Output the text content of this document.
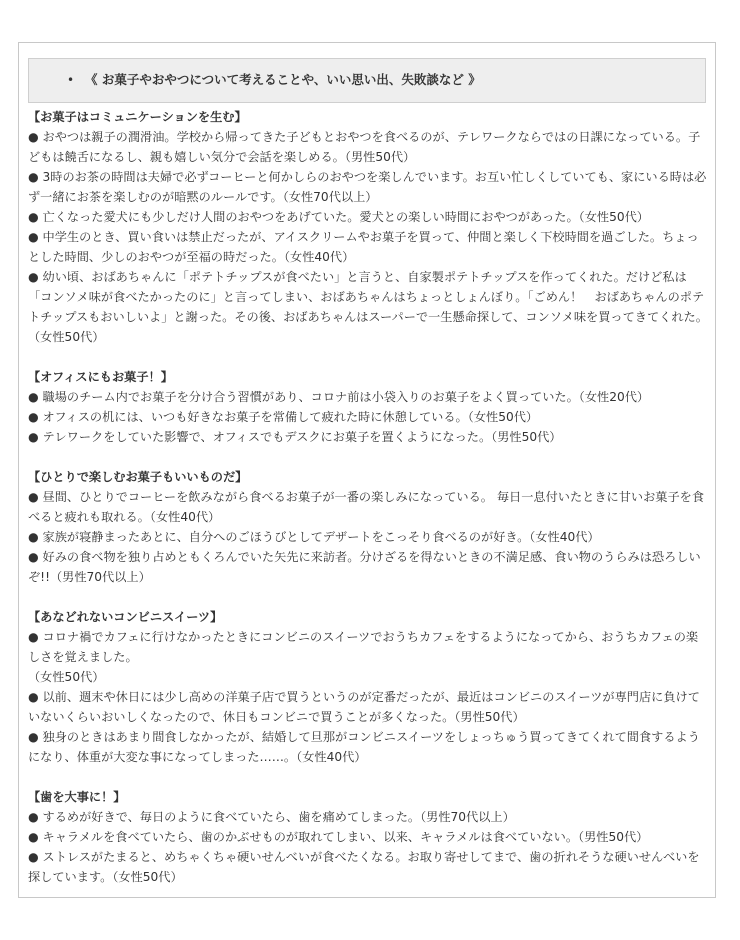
• 《 お菓子やおやつについて考えることや、いい思い出、失敗談など 》

【お菓子はコミュニケーションを生む】

● おやつは親子の潤滑油。学校から帰ってきた子どもとおやつを食べるのが、テレワークならではの日課になっている。子どもは饒舌になるし、親も嬉しい気分で会話を楽しめる。（男性50代）

● 3時のお茶の時間は夫婦で必ずコーヒーと何かしらのおやつを楽しんでいます。お互い忙しくしていても、家にいる時は必ず一緒にお茶を楽しむのが暗黙のルールです。（女性70代以上）

● 亡くなった愛犬にも少しだけ人間のおやつをあげていた。愛犬との楽しい時間におやつがあった。（女性50代）

● 中学生のとき、買い食いは禁止だったが、アイスクリームやお菓子を買って、仲間と楽しく下校時間を過ごした。ちょっとした時間、少しのおやつが至福の時だった。（女性40代）

● 幼い頃、おばあちゃんに「ポテトチップスが食べたい」と言うと、自家製ポテトチップスを作ってくれた。だけど私は「コンソメ味が食べたかったのに」と言ってしまい、おばあちゃんはちょっとしょんぼり。「ごめん！　おばあちゃんのポテトチップスもおいしいよ」と謝った。その後、おばあちゃんはスーパーで一生懸命探して、コンソメ味を買ってきてくれた。（女性50代）

【オフィスにもお菓子！】

● 職場のチーム内でお菓子を分け合う習慣があり、コロナ前は小袋入りのお菓子をよく買っていた。（女性20代）

● オフィスの机には、いつも好きなお菓子を常備して疲れた時に休憩している。（女性50代）

● テレワークをしていた影響で、オフィスでもデスクにお菓子を置くようになった。（男性50代）

【ひとりで楽しむお菓子もいいものだ】

● 昼間、ひとりでコーヒーを飲みながら食べるお菓子が一番の楽しみになっている。 毎日一息付いたときに甘いお菓子を食べると疲れも取れる。（女性40代）

● 家族が寝静まったあとに、自分へのごほうびとしてデザートをこっそり食べるのが好き。（女性40代）

● 好みの食べ物を独り占めともくろんでいた矢先に来訪者。分けざるを得ないときの不満足感、食い物のうらみは恐ろしいぞ!!（男性70代以上）

【あなどれないコンビニスイーツ】

● コロナ禍でカフェに行けなかったときにコンビニのスイーツでおうちカフェをするようになってから、おうちカフェの楽しさを覚えました。

（女性50代）

● 以前、週末や休日には少し高めの洋菓子店で買うというのが定番だったが、最近はコンビニのスイーツが専門店に負けていないくらいおいしくなったので、休日もコンビニで買うことが多くなった。（男性50代）

● 独身のときはあまり間食しなかったが、結婚して旦那がコンビニスイーツをしょっちゅう買ってきてくれて間食するようになり、体重が大変な事になってしまった……。（女性40代）

【歯を大事に！】

● するめが好きで、毎日のように食べていたら、歯を痛めてしまった。（男性70代以上）

● キャラメルを食べていたら、歯のかぶせものが取れてしまい、以来、キャラメルは食べていない。（男性50代）

● ストレスがたまると、めちゃくちゃ硬いせんべいが食べたくなる。お取り寄せしてまで、歯の折れそうな硬いせんべいを探しています。（女性50代）
